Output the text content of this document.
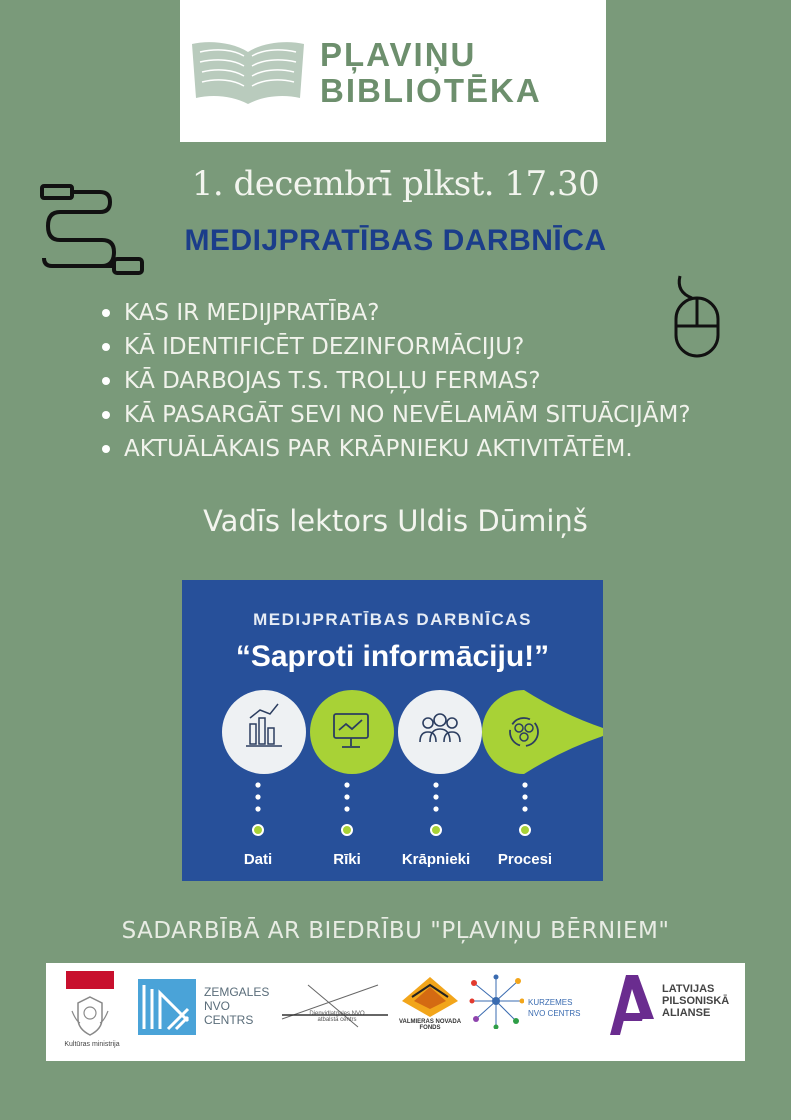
PĻAVIŅU
BIBLIOTĒKA
1. decembrī plkst. 17.30
MEDIJPRATĪBAS DARBNĪCA
KAS IR MEDIJPRATĪBA?
KĀ IDENTIFICĒT DEZINFORMĀCIJU?
KĀ DARBOJAS T.S. TROĻĻU FERMAS?
KĀ PASARGĀT SEVI NO NEVĒLAMĀM SITUĀCIJĀM?
AKTUĀLĀKAIS PAR KRĀPNIEKU AKTIVITĀTĒM.
Vadīs lektors Uldis Dūmiņš
MEDIJPRATĪBAS DARBNĪCAS
“Saproti informāciju!”
Dati	Rīki	Krāpnieki	Procesi
SADARBĪBĀ AR BIEDRĪBU "PĻAVIŅU BĒRNIEM"
Kultūras ministrija
ZEMGALES
NVO
CENTRS	Dienvidlatgales NVO
atbalsta centrs	VALMIERAS NOVADA
FONDS
KURZEMES
NVO CENTRS
LATVIJAS
PILSONISKĀ
ALIANSE
